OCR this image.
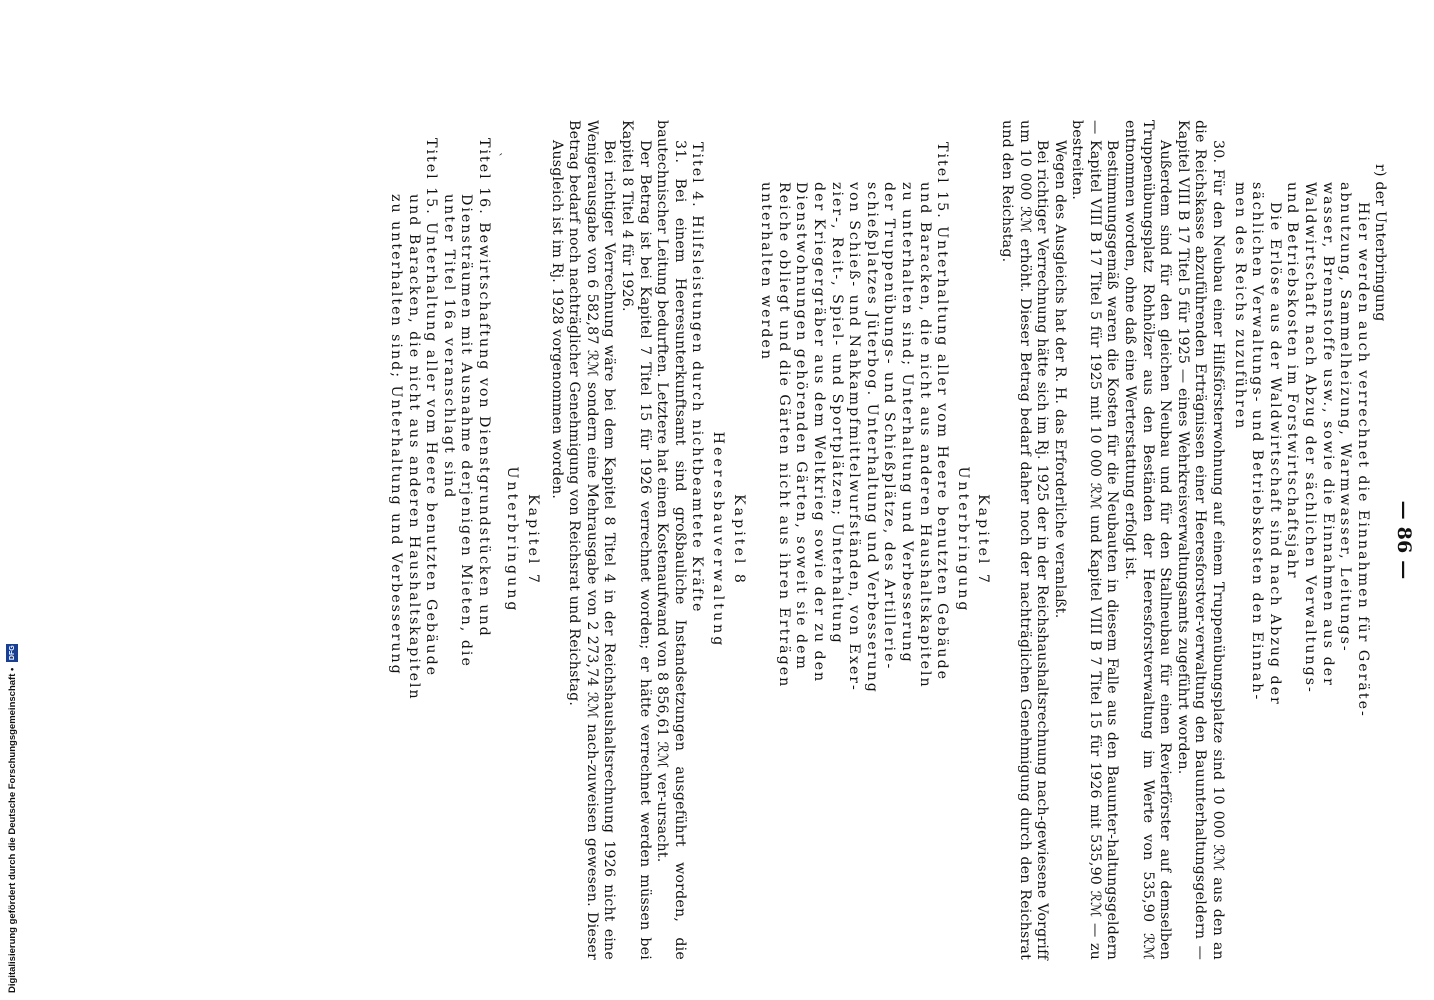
— 86 —
r) der Unterbringung
Hier werden auch verrechnet die Einnahmen für Geräte-
abnutzung, Sammelheizung, Warmwasser, Leitungs-
wasser, Brennstoffe usw., sowie die Einnahmen aus der
Waldwirtschaft nach Abzug der sächlichen Verwaltungs-
und Betriebskosten im Forstwirtschaftsjahr
Die Erlöse aus der Waldwirtschaft sind nach Abzug der
sächlichen Verwaltungs- und Betriebskosten den Einnah-
men des Reichs zuzuführen

30. Für den Neubau einer Hilfsförsterwohnung auf einem Truppenübungsplatze sind 10 000 ℛℳ aus den an die Reichskasse abzuführenden Erträgnissen einer Heeresforstver-verwaltung den Bauunterhaltungsgeldern — Kapitel VIII B 17 Titel 5 für 1925 — eines Wehrkreisverwaltungsamts zugeführt worden.

Außerdem sind für den gleichen Neubau und für den Stallneubau für einen Revierförster auf demselben Truppenübungsplatz Rohhölzer aus den Beständen der Heeresforstverwaltung im Werte von 535,90 ℛℳ entnommen worden, ohne daß eine Werterstattung erfolgt ist.

Bestimmungsgemäß waren die Kosten für die Neubauten in diesem Falle aus den Bauunter-haltungsgeldern — Kapitel VIII B 17 Titel 5 für 1925 mit 10 000 ℛℳ und Kapitel VIII B 7 Titel 15 für 1926 mit 535,90 ℛℳ — zu bestreiten.

Wegen des Ausgleichs hat der R. H. das Erforderliche veranlaßt.

Bei richtiger Verrechnung hätte sich im Rj. 1925 der in der Reichshaushaltsrechnung nach-gewiesene Vorgriff um 10 000 ℛℳ erhöht. Dieser Betrag bedarf daher noch der nachträglichen Genehmigung durch den Reichsrat und den Reichstag.

Kapitel 7
Unterbringung
Titel 15. Unterhaltung aller vom Heere benutzten Gebäude
und Baracken, die nicht aus anderen Haushaltskapiteln
zu unterhalten sind; Unterhaltung und Verbesserung
der Truppenübungs- und Schießplätze, des Artillerie-
schießplatzes Jüterbog. Unterhaltung und Verbesserung
von Schieß- und Nahkampfmittelwurfständen, von Exer-
zier-, Reit-, Spiel- und Sportplätzen; Unterhaltung
der Kriegergräber aus dem Weltkrieg sowie der zu den
Dienstwohnungen gehörenden Gärten, soweit sie dem
Reiche obliegt und die Gärten nicht aus ihren Erträgen
unterhalten werden
Kapitel 8
Heeresbauverwaltung
Titel 4. Hilfsleistungen durch nichtbeamtete Kräfte

31. Bei einem Heeresunterkunftsamt sind großbauliche Instandsetzungen ausgeführt worden, die bautechnischer Leitung bedurften. Letztere hat einen Kostenaufwand von 8 856,61 ℛℳ ver-ursacht.

Der Betrag ist bei Kapitel 7 Titel 15 für 1926 verrechnet worden; er hätte verrechnet werden müssen bei Kapitel 8 Titel 4 für 1926.

Bei richtiger Verrechnung wäre bei dem Kapitel 8 Titel 4 in der Reichshaushaltsrechnung 1926 nicht eine Wenigerausgabe von 6 582,87 ℛℳ sondern eine Mehrausgabe von 2 273,74 ℛℳ nach-zuweisen gewesen. Dieser Betrag bedarf noch nachträglicher Genehmigung von Reichsrat und Reichstag.

Ausgleich ist im Rj. 1928 vorgenommen worden.

Kapitel 7
Unterbringung
`
Titel 16. Bewirtschaftung von Dienstgrundstücken und
Diensträumen mit Ausnahme derjenigen Mieten, die
unter Titel 16a veranschlagt sind
Titel 15. Unterhaltung aller vom Heere benutzten Gebäude
und Baracken, die nicht aus anderen Haushaltskapiteln
zu unterhalten sind; Unterhaltung und Verbesserung
Digitalisierung gefördert durch die Deutsche Forschungsgemeinschaft •
DFG
